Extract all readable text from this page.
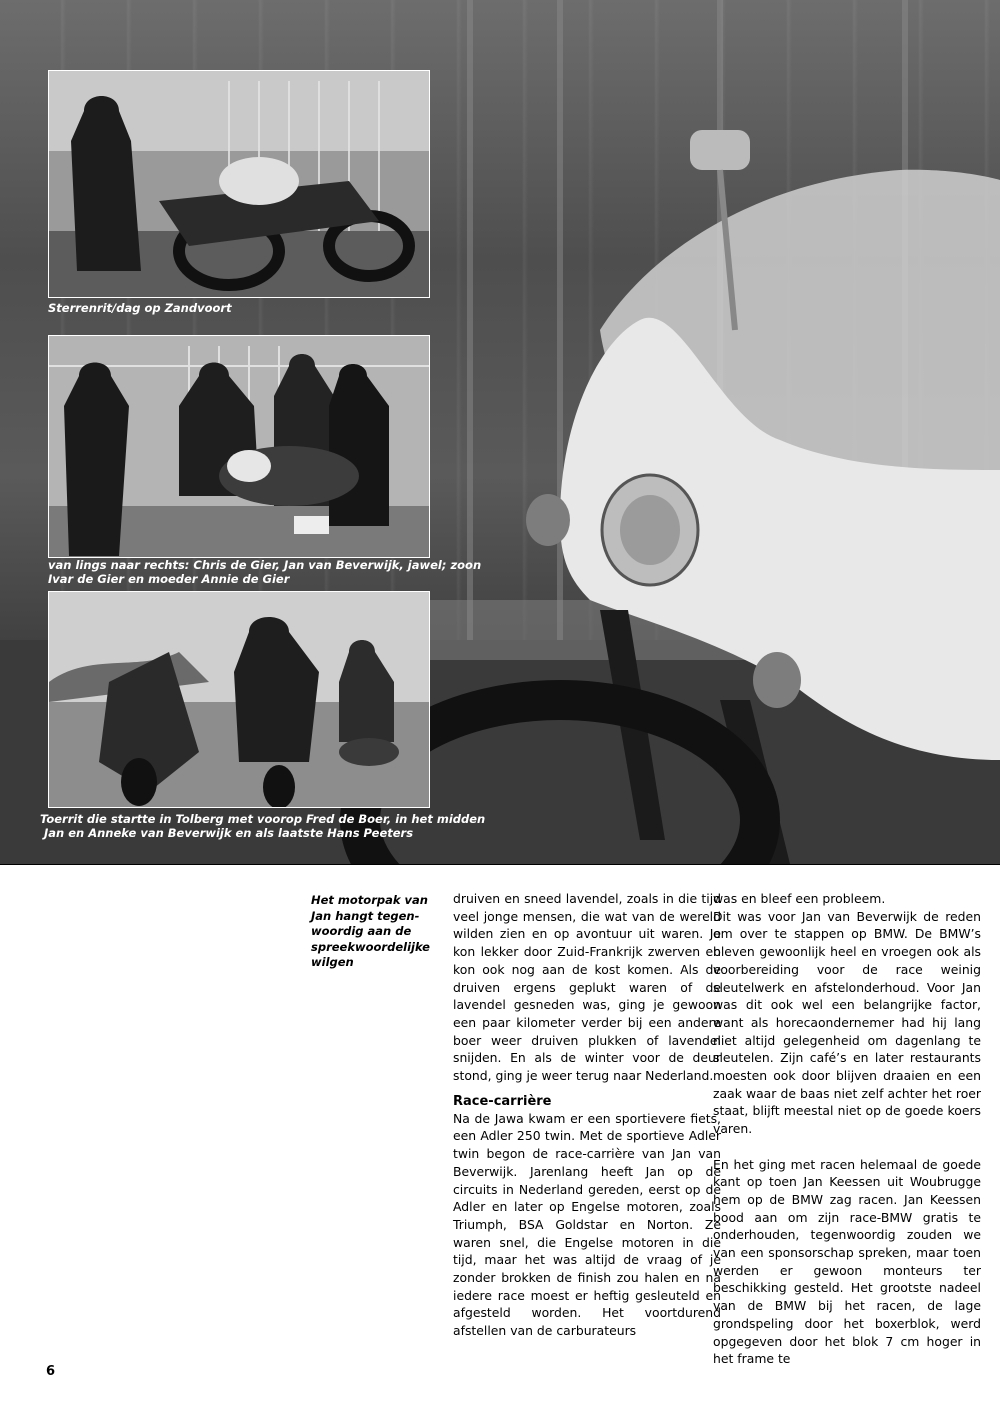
Sterrenrit/dag op Zandvoort
van lings naar rechts: Chris de Gier, Jan van Beverwijk, jawel; zoon
Ivar de Gier en moeder Annie de Gier
Toerrit die startte in Tolberg met voorop Fred de Boer, in het midden
Jan en Anneke van Beverwijk en als laatste Hans Peeters
Het motorpak van
Jan hangt tegen-
woordig aan de
spreekwoordelijke
wilgen

druiven en sneed lavendel, zoals in die tijd veel jonge mensen, die wat van de wereld wilden zien en op avontuur uit waren. Je kon lekker door Zuid-Frankrijk zwerven en kon ook nog aan de kost komen. Als de druiven ergens geplukt waren of de lavendel gesneden was, ging je gewoon een paar kilometer verder bij een andere boer weer druiven plukken of lavendel snijden. En als de winter voor de deur stond, ging je weer terug naar Nederland.

Race-carrière

Na de Jawa kwam er een sportievere fiets, een Adler 250 twin. Met de sportieve Adler twin begon de race-carrière van Jan van Beverwijk. Jarenlang heeft Jan op de circuits in Nederland gereden, eerst op de Adler en later op Engelse motoren, zoals Triumph, BSA Goldstar en Norton. Ze waren snel, die Engelse motoren in die tijd, maar het was altijd de vraag of je zonder brokken de finish zou halen en na iedere race moest er heftig gesleuteld en afgesteld worden. Het voortdurend afstellen van de carburateurs

was en bleef een probleem.

Dit was voor Jan van Beverwijk de reden om over te stappen op BMW. De BMW’s bleven gewoonlijk heel en vroegen ook als voorbereiding voor de race weinig sleutelwerk en afstelonderhoud. Voor Jan was dit ook wel een belangrijke factor, want als horecaondernemer had hij lang niet altijd gelegenheid om dagenlang te sleutelen. Zijn café’s en later restaurants moesten ook door blijven draaien en een zaak waar de baas niet zelf achter het roer staat, blijft meestal niet op de goede koers varen.

En het ging met racen helemaal de goede kant op toen Jan Keessen uit Woubrugge hem op de BMW zag racen. Jan Keessen bood aan om zijn race-BMW gratis te onderhouden, tegenwoordig zouden we van een sponsorschap spreken, maar toen werden er gewoon monteurs ter beschikking gesteld. Het grootste nadeel van de BMW bij het racen, de lage grondspeling door het boxerblok, werd opgegeven door het blok 7 cm hoger in het frame te

6
